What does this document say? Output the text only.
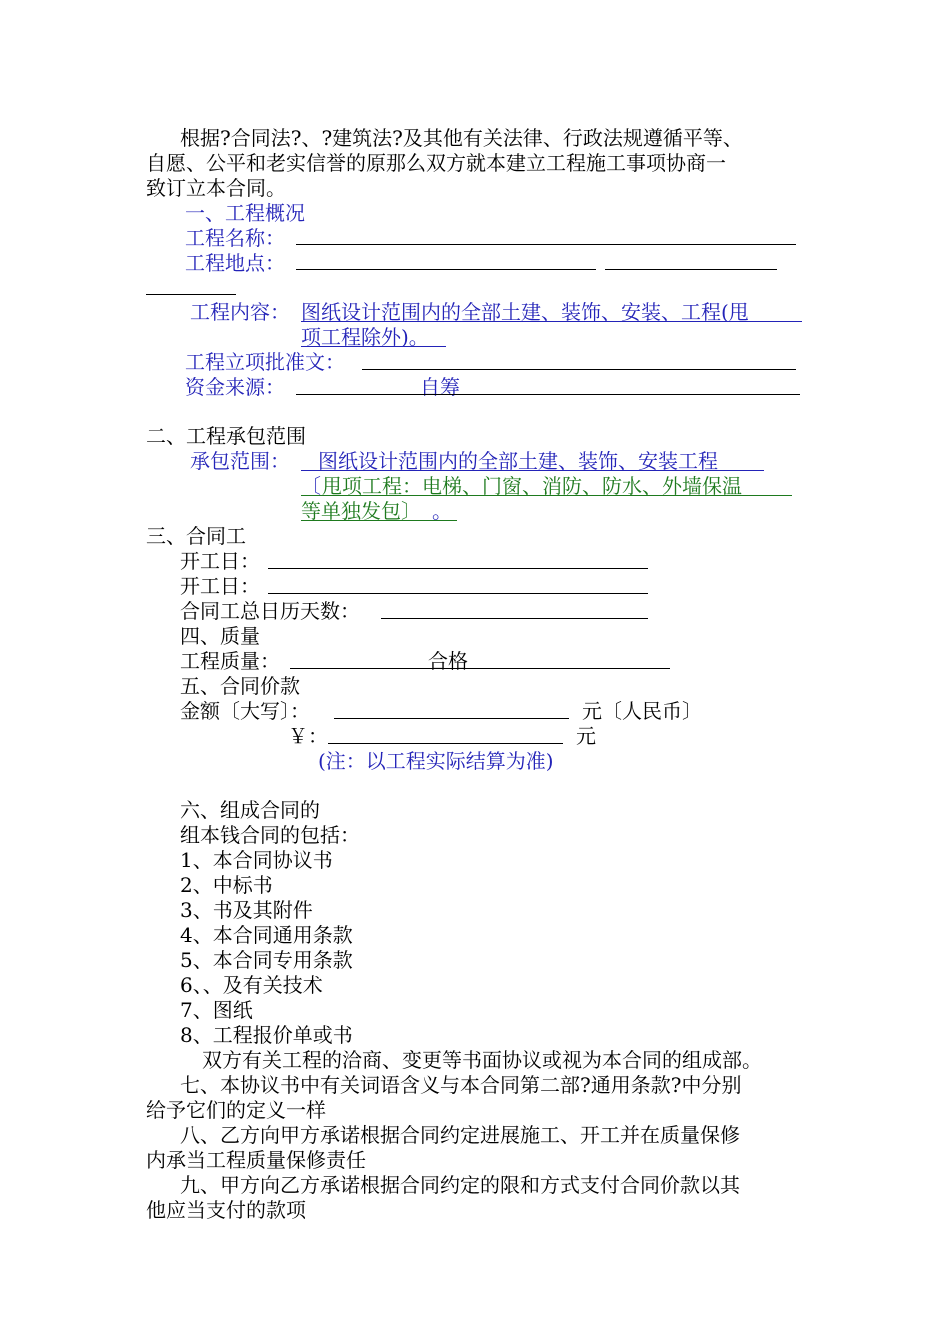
根据?合同法?、?建筑法?及其他有关法律、行政法规遵循平等、
自愿、公平和老实信誉的原那么双方就本建立工程施工事项协商一
致订立本合同。
一、工程概况
工程名称：
工程地点：
工程内容： 图纸设计范围内的全部土建、装饰、安装、工程(甩
项工程除外)。
工程立项批准文：
资金来源：	自筹
二、工程承包范围
承包范围： 图纸设计范围内的全部土建、装饰、安装工程
〔 甩项工程：电梯、门窗、消防、防水、外墙保温
等单独发包〕 。
三、合同工
开工日：
开工日：
合同工总日历天数：
四、质量
工程质量：	合格
五、合同价款
金额〔大写〕：	元〔人民币〕
￥：	元
(注：以工程实际结算为准)
六、组成合同的
组本钱合同的包括：
1、本合同协议书
2、中标书
3、书及其附件
4、本合同通用条款
5、本合同专用条款
6、、及有关技术
7、图纸
8、工程报价单或书
双方有关工程的洽商、变更等书面协议或视为本合同的组成部。
七、本协议书中有关词语含义与本合同第二部?通用条款?中分别
给予它们的定义一样
八、乙方向甲方承诺根据合同约定进展施工、开工并在质量保修
内承当工程质量保修责任
九、甲方向乙方承诺根据合同约定的限和方式支付合同价款以其
他应当支付的款项
